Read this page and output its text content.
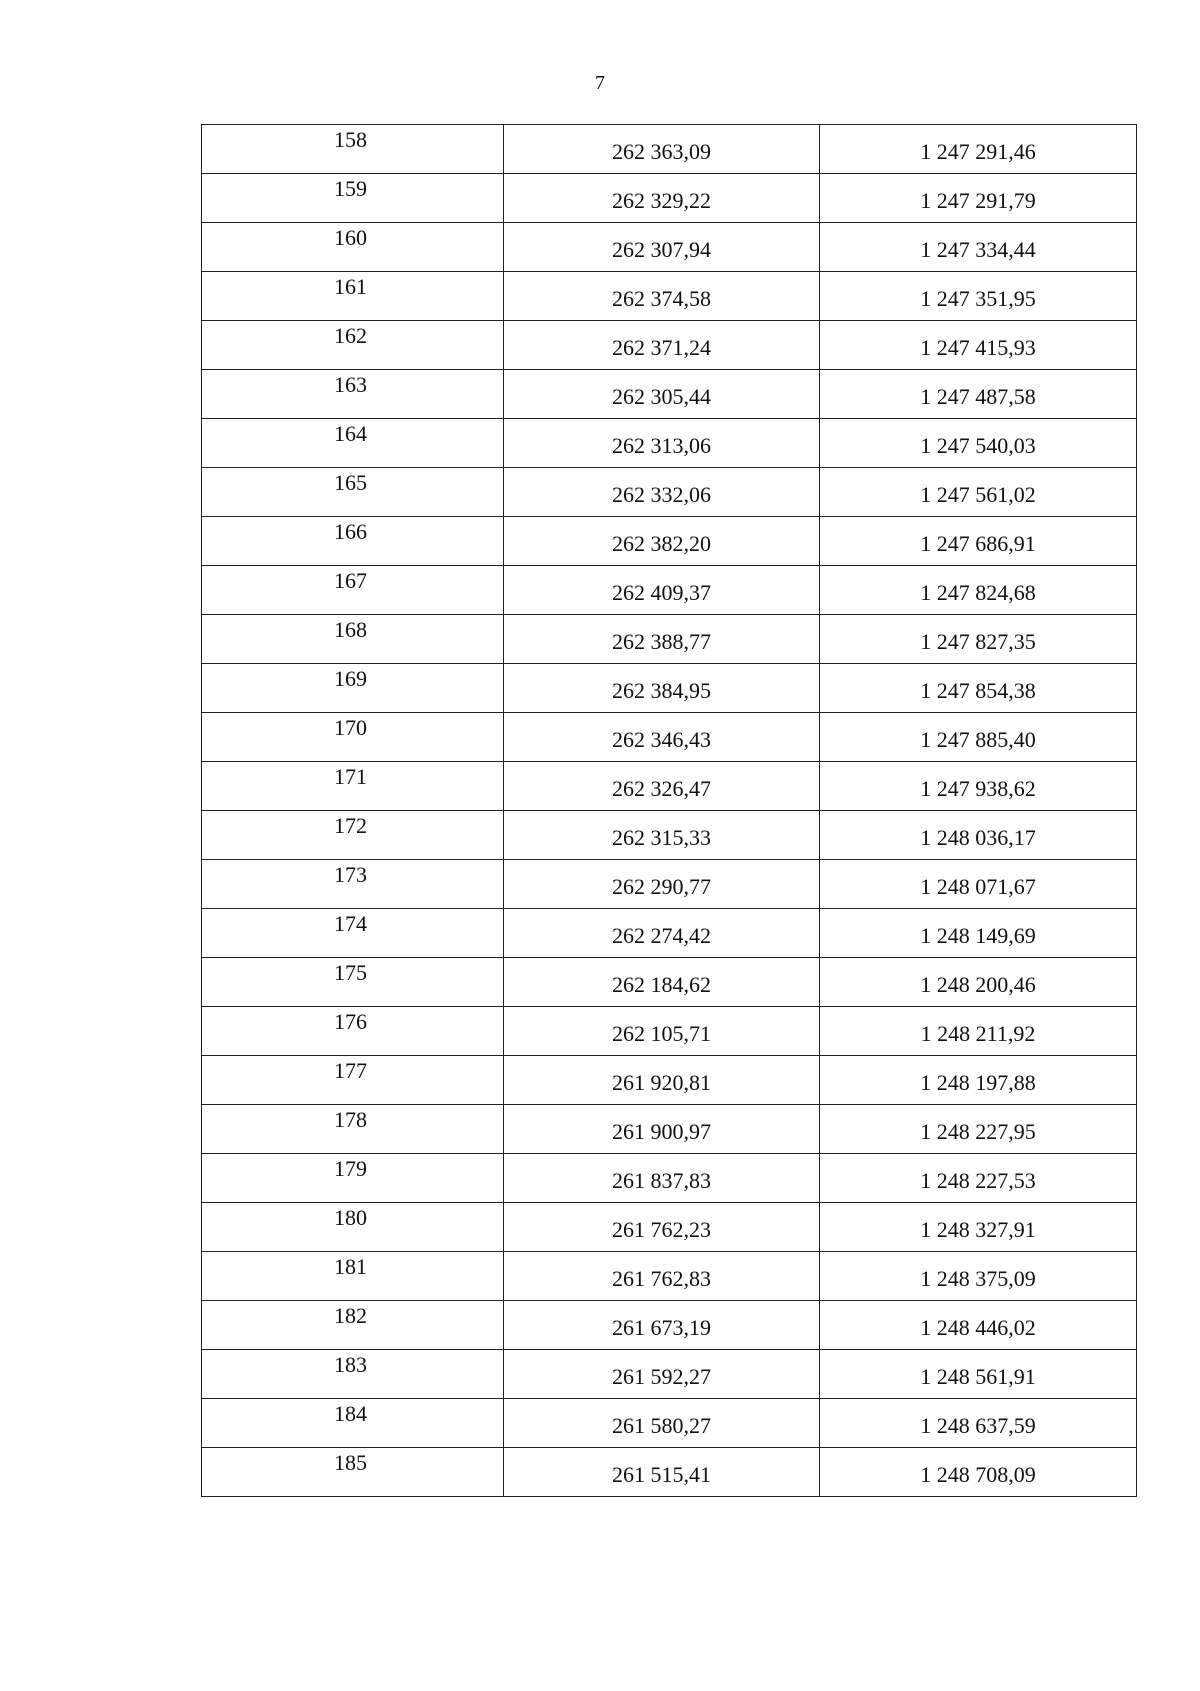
7
158	262 363,09	1 247 291,46
159	262 329,22	1 247 291,79
160	262 307,94	1 247 334,44
161	262 374,58	1 247 351,95
162	262 371,24	1 247 415,93
163	262 305,44	1 247 487,58
164	262 313,06	1 247 540,03
165	262 332,06	1 247 561,02
166	262 382,20	1 247 686,91
167	262 409,37	1 247 824,68
168	262 388,77	1 247 827,35
169	262 384,95	1 247 854,38
170	262 346,43	1 247 885,40
171	262 326,47	1 247 938,62
172	262 315,33	1 248 036,17
173	262 290,77	1 248 071,67
174	262 274,42	1 248 149,69
175	262 184,62	1 248 200,46
176	262 105,71	1 248 211,92
177	261 920,81	1 248 197,88
178	261 900,97	1 248 227,95
179	261 837,83	1 248 227,53
180	261 762,23	1 248 327,91
181	261 762,83	1 248 375,09
182	261 673,19	1 248 446,02
183	261 592,27	1 248 561,91
184	261 580,27	1 248 637,59
185	261 515,41	1 248 708,09
